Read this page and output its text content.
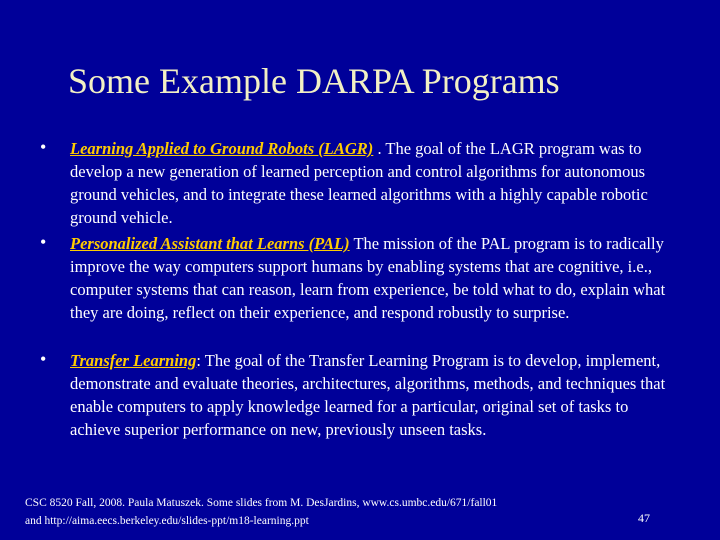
Some Example DARPA Programs
• Learning Applied to Ground Robots (LAGR) . The goal of the LAGR program was to develop a new generation of learned perception and control algorithms for autonomous ground vehicles, and to integrate these learned algorithms with a highly capable robotic ground vehicle.
• Personalized Assistant that Learns (PAL) The mission of the PAL program is to radically improve the way computers support humans by enabling systems that are cognitive, i.e., computer systems that can reason, learn from experience, be told what to do, explain what they are doing, reflect on their experience, and respond robustly to surprise.
• Transfer Learning: The goal of the Transfer Learning Program is to develop, implement, demonstrate and evaluate theories, architectures, algorithms, methods, and techniques that enable computers to apply knowledge learned for a particular, original set of tasks to achieve superior performance on new, previously unseen tasks.
CSC 8520 Fall, 2008. Paula Matuszek. Some slides from M. DesJardins, www.cs.umbc.edu/671/fall01
and http://aima.eecs.berkeley.edu/slides-ppt/m18-learning.ppt	47
